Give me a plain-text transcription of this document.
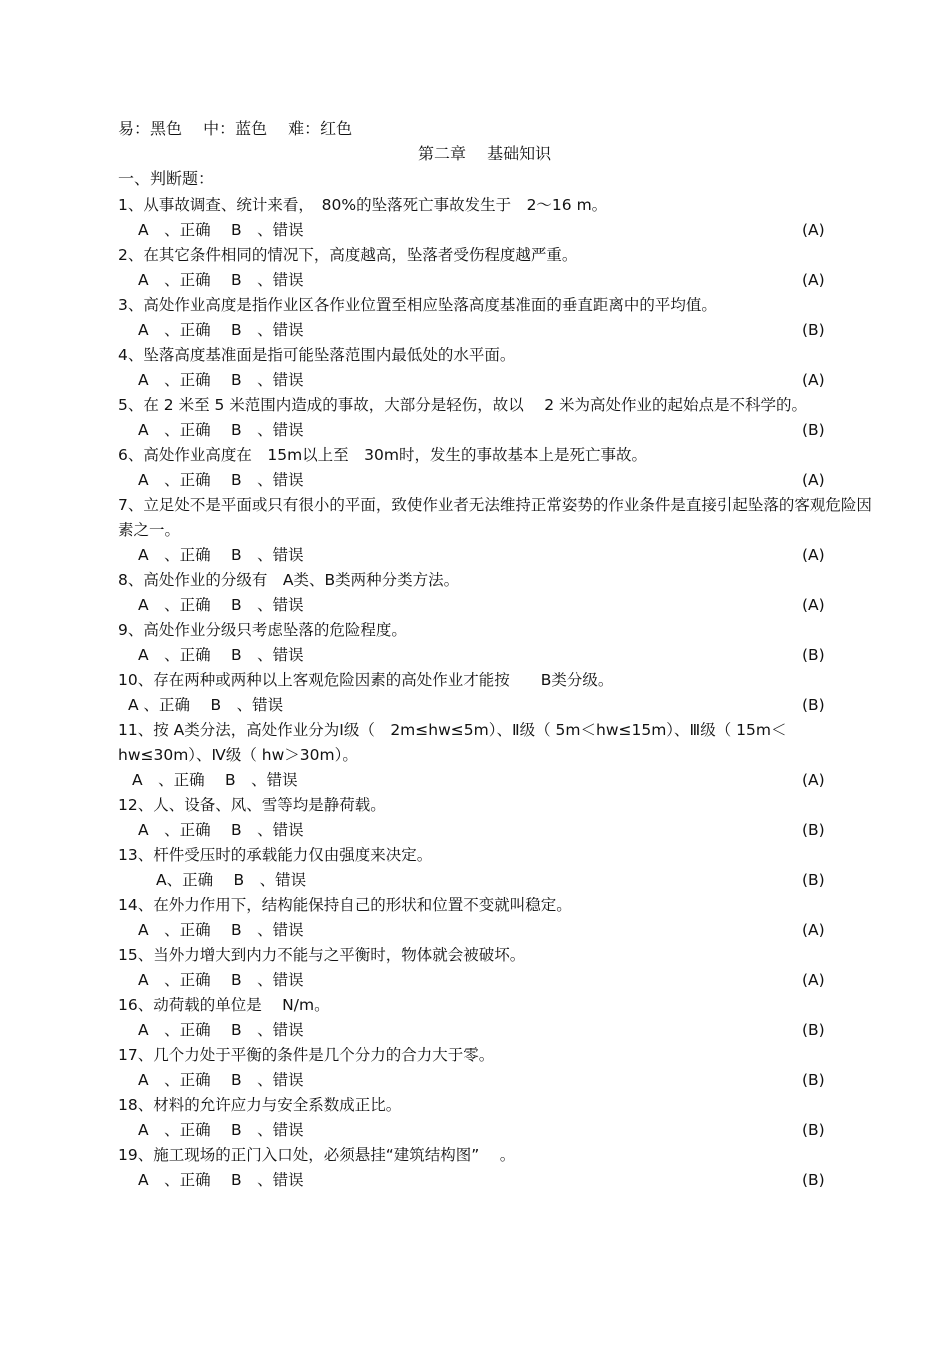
易：黑色　 中：蓝色　 难：红色
第二章　 基础知识
一、判断题：
1、从事故调查、统计来看，　80%的坠落死亡事故发生于　2～16 m。
A　、正确　 B　、错误	(A)
2、在其它条件相同的情况下，高度越高，坠落者受伤程度越严重。
A　、正确　 B　、错误	(A)
3、高处作业高度是指作业区各作业位置至相应坠落高度基准面的垂直距离中的平均值。
A　、正确　 B　、错误	(B)
4、坠落高度基准面是指可能坠落范围内最低处的水平面。
A　、正确　 B　、错误	(A)
5、在 2 米至 5 米范围内造成的事故，大部分是轻伤，故以　 2 米为高处作业的起始点是不科学的。
A　、正确　 B　、错误	(B)
6、高处作业高度在　15m以上至　30m时，发生的事故基本上是死亡事故。
A　、正确　 B　、错误	(A)
7、立足处不是平面或只有很小的平面，致使作业者无法维持正常姿势的作业条件是直接引起坠落的客观危险因素之一。
A　、正确　 B　、错误	(A)
8、高处作业的分级有　A类、B类两种分类方法。
A　、正确　 B　、错误	(A)
9、高处作业分级只考虑坠落的危险程度。
A　、正确　 B　、错误	(B)
10、存在两种或两种以上客观危险因素的高处作业才能按　　B类分级。
A 、正确　 B　、错误	(B)
11、按 A类分法，高处作业分为Ⅰ级（　2m≤hw≤5m）、Ⅱ级（ 5m＜hw≤15m）、Ⅲ级（ 15m＜hw≤30m）、Ⅳ级（ hw＞30m）。
A　、正确　 B　、错误	(A)
12、人、设备、风、雪等均是静荷载。
A　、正确　 B　、错误	(B)
13、杆件受压时的承载能力仅由强度来决定。
A、正确　 B　、错误	(B)
14、在外力作用下，结构能保持自己的形状和位置不变就叫稳定。
A　、正确　 B　、错误	(A)
15、当外力增大到内力不能与之平衡时，物体就会被破坏。
A　、正确　 B　、错误	(A)
16、动荷载的单位是　 N/m。
A　、正确　 B　、错误	(B)
17、几个力处于平衡的条件是几个分力的合力大于零。
A　、正确　 B　、错误	(B)
18、材料的允许应力与安全系数成正比。
A　、正确　 B　、错误	(B)
19、施工现场的正门入口处，必须悬挂“建筑结构图”　 。
A　、正确　 B　、错误	(B)
